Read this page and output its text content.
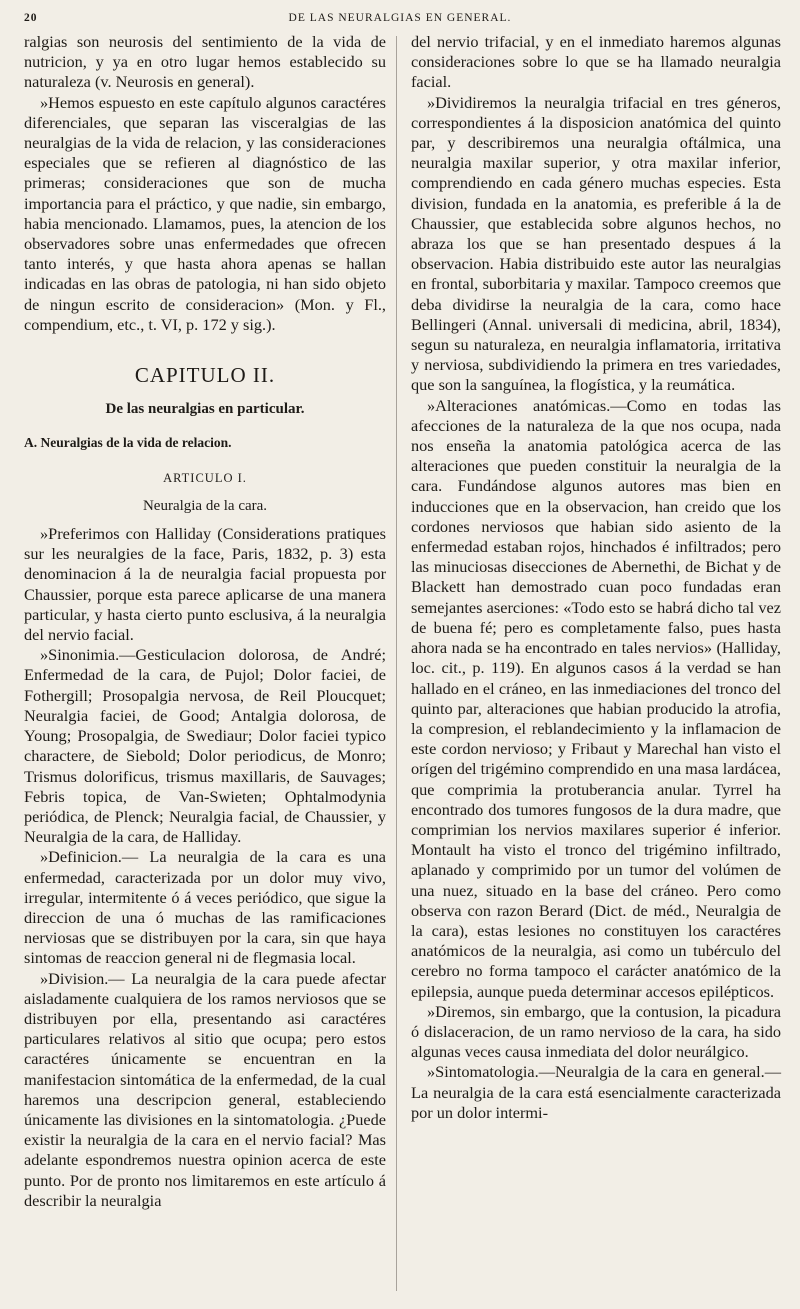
20	DE LAS NEURALGIAS EN GENERAL.

ralgias son neurosis del sentimiento de la vida de nutricion, y ya en otro lugar hemos establecido su naturaleza (v. Neurosis en general).

»Hemos espuesto en este capítulo algunos caractéres diferenciales, que separan las visceralgias de las neuralgias de la vida de relacion, y las consideraciones especiales que se refieren al diagnóstico de las primeras; consideraciones que son de mucha importancia para el práctico, y que nadie, sin embargo, habia mencionado. Llamamos, pues, la atencion de los observadores sobre unas enfermedades que ofrecen tanto interés, y que hasta ahora apenas se hallan indicadas en las obras de patologia, ni han sido objeto de ningun escrito de consideracion» (Mon. y Fl., compendium, etc., t. VI, p. 172 y sig.).

CAPITULO II.
De las neuralgias en particular.
A. Neuralgias de la vida de relacion.
ARTICULO I.
Neuralgia de la cara.

»Preferimos con Halliday (Considerations pratiques sur les neuralgies de la face, Paris, 1832, p. 3) esta denominacion á la de neuralgia facial propuesta por Chaussier, porque esta parece aplicarse de una manera particular, y hasta cierto punto esclusiva, á la neuralgia del nervio facial.

»Sinonimia.—Gesticulacion dolorosa, de André; Enfermedad de la cara, de Pujol; Dolor faciei, de Fothergill; Prosopalgia nervosa, de Reil Ploucquet; Neuralgia faciei, de Good; Antalgia dolorosa, de Young; Prosopalgia, de Swediaur; Dolor faciei typico charactere, de Siebold; Dolor periodicus, de Monro; Trismus dolorificus, trismus maxillaris, de Sauvages; Febris topica, de Van-Swieten; Ophtalmodynia periódica, de Plenck; Neuralgia facial, de Chaussier, y Neuralgia de la cara, de Halliday.

»Definicion.— La neuralgia de la cara es una enfermedad, caracterizada por un dolor muy vivo, irregular, intermitente ó á veces periódico, que sigue la direccion de una ó muchas de las ramificaciones nerviosas que se distribuyen por la cara, sin que haya sintomas de reaccion general ni de flegmasia local.

»Division.— La neuralgia de la cara puede afectar aisladamente cualquiera de los ramos nerviosos que se distribuyen por ella, presentando asi caractéres particulares relativos al sitio que ocupa; pero estos caractéres únicamente se encuentran en la manifestacion sintomática de la enfermedad, de la cual haremos una descripcion general, estableciendo únicamente las divisiones en la sintomatologia. ¿Puede existir la neuralgia de la cara en el nervio facial? Mas adelante espondremos nuestra opinion acerca de este punto. Por de pronto nos limitaremos en este artículo á describir la neuralgia

del nervio trifacial, y en el inmediato haremos algunas consideraciones sobre lo que se ha llamado neuralgia facial.

»Dividiremos la neuralgia trifacial en tres géneros, correspondientes á la disposicion anatómica del quinto par, y describiremos una neuralgia oftálmica, una neuralgia maxilar superior, y otra maxilar inferior, comprendiendo en cada género muchas especies. Esta division, fundada en la anatomia, es preferible á la de Chaussier, que establecida sobre algunos hechos, no abraza los que se han presentado despues á la observacion. Habia distribuido este autor las neuralgias en frontal, suborbitaria y maxilar. Tampoco creemos que deba dividirse la neuralgia de la cara, como hace Bellingeri (Annal. universali di medicina, abril, 1834), segun su naturaleza, en neuralgia inflamatoria, irritativa y nerviosa, subdividiendo la primera en tres variedades, que son la sanguínea, la flogística, y la reumática.

»Alteraciones anatómicas.—Como en todas las afecciones de la naturaleza de la que nos ocupa, nada nos enseña la anatomia patológica acerca de las alteraciones que pueden constituir la neuralgia de la cara. Fundándose algunos autores mas bien en inducciones que en la observacion, han creido que los cordones nerviosos que habian sido asiento de la enfermedad estaban rojos, hinchados é infiltrados; pero las minuciosas disecciones de Abernethi, de Bichat y de Blackett han demostrado cuan poco fundadas eran semejantes aserciones: «Todo esto se habrá dicho tal vez de buena fé; pero es completamente falso, pues hasta ahora nada se ha encontrado en tales nervios» (Halliday, loc. cit., p. 119). En algunos casos á la verdad se han hallado en el cráneo, en las inmediaciones del tronco del quinto par, alteraciones que habian producido la atrofia, la compresion, el reblandecimiento y la inflamacion de este cordon nervioso; y Fribaut y Marechal han visto el orígen del trigémino comprendido en una masa lardácea, que comprimia la protuberancia anular. Tyrrel ha encontrado dos tumores fungosos de la dura madre, que comprimian los nervios maxilares superior é inferior. Montault ha visto el tronco del trigémino infiltrado, aplanado y comprimido por un tumor del volúmen de una nuez, situado en la base del cráneo. Pero como observa con razon Berard (Dict. de méd., Neuralgia de la cara), estas lesiones no constituyen los caractéres anatómicos de la neuralgia, asi como un tubérculo del cerebro no forma tampoco el carácter anatómico de la epilepsia, aunque pueda determinar accesos epilépticos.

»Diremos, sin embargo, que la contusion, la picadura ó dislaceracion, de un ramo nervioso de la cara, ha sido algunas veces causa inmediata del dolor neurálgico.

»Sintomatologia.—Neuralgia de la cara en general.— La neuralgia de la cara está esencialmente caracterizada por un dolor intermi-
